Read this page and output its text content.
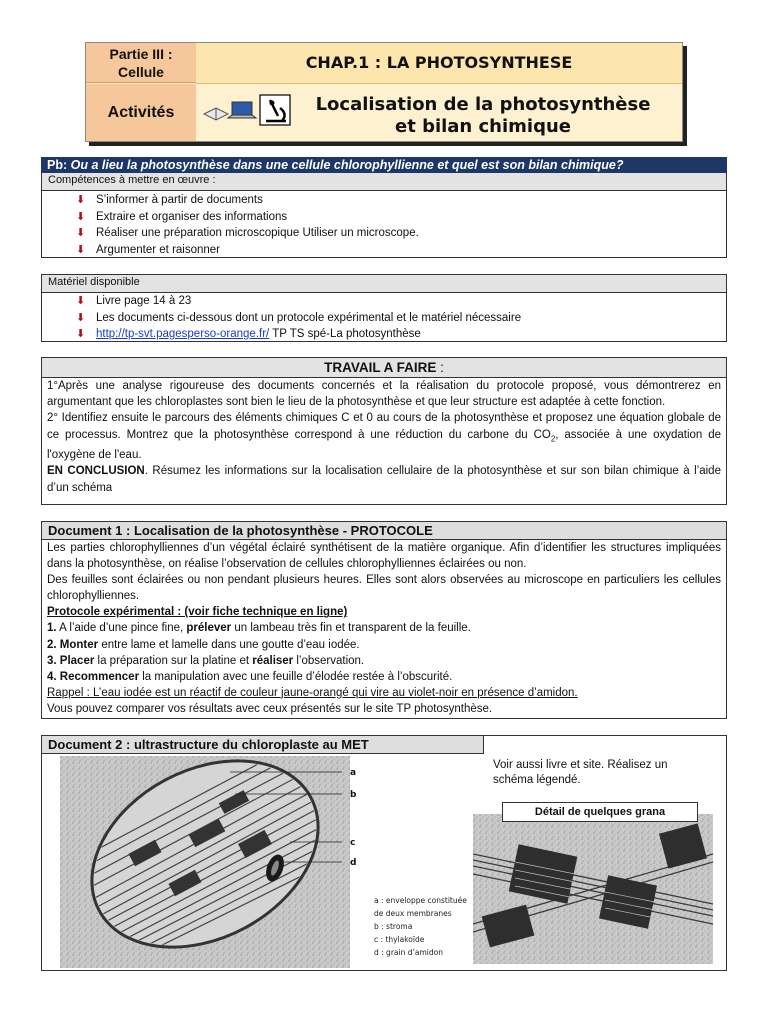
Partie III :
Cellule
Activités
CHAP.1 : LA PHOTOSYNTHESE
Localisation de la photosynthèse
et bilan chimique
Pb: Ou a lieu la photosynthèse dans une cellule chlorophyllienne et quel est son bilan chimique?
Compétences à mettre en œuvre :
⬇ S’informer à partir de documents
⬇ Extraire et organiser des informations
⬇ Réaliser une préparation microscopique Utiliser un microscope.
⬇ Argumenter et raisonner
Matériel disponible
⬇ Livre page 14 à 23
⬇ Les documents ci-dessous dont un protocole expérimental et le matériel nécessaire
⬇ http://tp-svt.pagesperso-orange.fr/ TP TS spé-La photosynthèse
TRAVAIL A FAIRE :
1°Après une analyse rigoureuse des documents concernés et la réalisation du protocole proposé, vous démontrerez en argumentant que les chloroplastes sont bien le lieu de la photosynthèse et que leur structure est adaptée à cette fonction.
2° Identifiez ensuite le parcours des éléments chimiques C et 0 au cours de la photosynthèse et proposez une équation globale de ce processus. Montrez que la photosynthèse correspond à une réduction du carbone du $CO_2$, associée à une oxydation de l'oxygène de l'eau.
EN CONCLUSION. Résumez les informations sur la localisation cellulaire de la photosynthèse et sur son bilan chimique à l’aide d’un schéma
Document 1 : Localisation de la photosynthèse - PROTOCOLE
Les parties chlorophylliennes d’un végétal éclairé synthétisent de la matière organique. Afin d’identifier les structures impliquées dans la photosynthèse, on réalise l’observation de cellules chlorophylliennes éclairées ou non.
Des feuilles sont éclairées ou non pendant plusieurs heures. Elles sont alors observées au microscope en particuliers les cellules chlorophylliennes.
Protocole expérimental : (voir fiche technique en ligne)
1. A l’aide d’une pince fine, prélever un lambeau très fin et transparent de la feuille.
2. Monter entre lame et lamelle dans une goutte d’eau iodée.
3. Placer la préparation sur la platine et réaliser l’observation.
4. Recommencer la manipulation avec une feuille d’élodée restée à l’obscurité.
Rappel : L’eau iodée est un réactif de couleur jaune-orangé qui vire au violet-noir en présence d’amidon.
Vous pouvez comparer vos résultats avec ceux présentés sur le site TP photosynthèse.
Document 2 : ultrastructure du chloroplaste au MET
a
b
c
d
a : enveloppe constituée
de deux membranes
b : stroma
c : thylakoïde
d : grain d’amidon
Voir aussi livre et site. Réalisez un schéma légendé.
Détail de quelques grana
